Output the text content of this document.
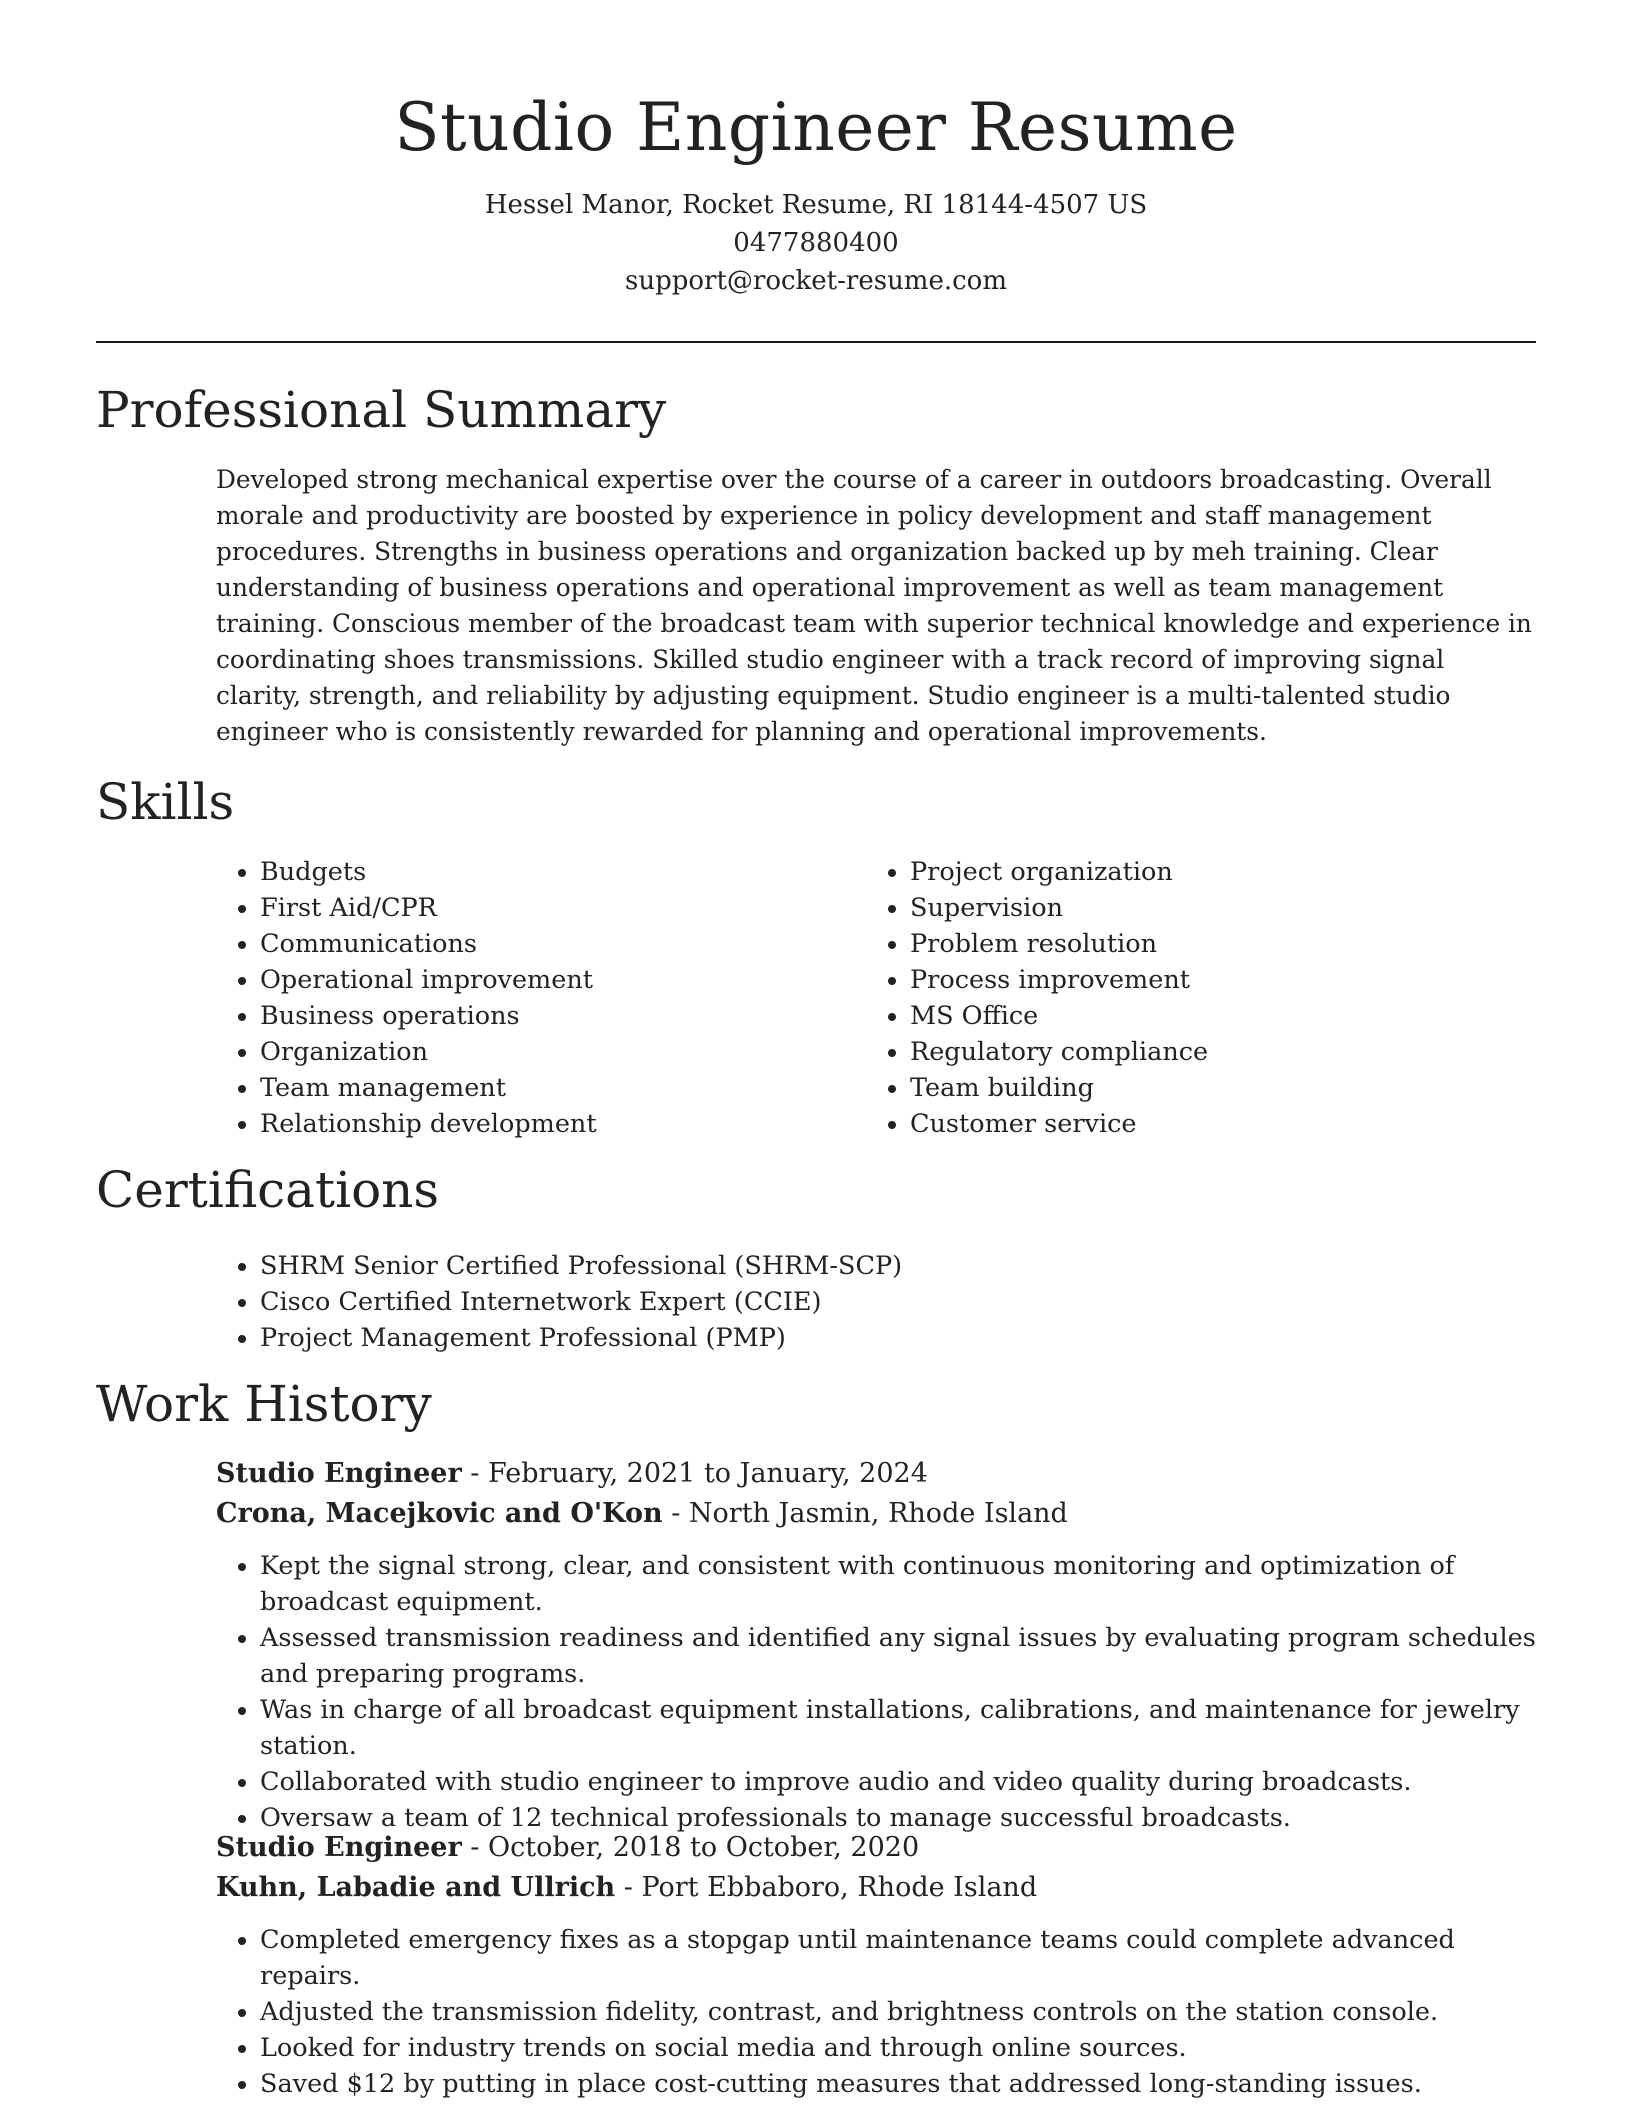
Studio Engineer Resume
Hessel Manor, Rocket Resume, RI 18144-4507 US
0477880400
support@rocket-resume.com
Professional Summary
Developed strong mechanical expertise over the course of a career in outdoors broadcasting. Overall morale and productivity are boosted by experience in policy development and staff management procedures. Strengths in business operations and organization backed up by meh training. Clear understanding of business operations and operational improvement as well as team management training. Conscious member of the broadcast team with superior technical knowledge and experience in coordinating shoes transmissions. Skilled studio engineer with a track record of improving signal clarity, strength, and reliability by adjusting equipment. Studio engineer is a multi-talented studio engineer who is consistently rewarded for planning and operational improvements.
Skills
• Budgets
• First Aid/CPR
• Communications
• Operational improvement
• Business operations
• Organization
• Team management
• Relationship development
• Project organization
• Supervision
• Problem resolution
• Process improvement
• MS Office
• Regulatory compliance
• Team building
• Customer service
Certifications
• SHRM Senior Certified Professional (SHRM-SCP)
• Cisco Certified Internetwork Expert (CCIE)
• Project Management Professional (PMP)
Work History
Studio Engineer - February, 2021 to January, 2024
Crona, Macejkovic and O'Kon - North Jasmin, Rhode Island
• Kept the signal strong, clear, and consistent with continuous monitoring and optimization of broadcast equipment.
• Assessed transmission readiness and identified any signal issues by evaluating program schedules and preparing programs.
• Was in charge of all broadcast equipment installations, calibrations, and maintenance for jewelry station.
• Collaborated with studio engineer to improve audio and video quality during broadcasts.
• Oversaw a team of 12 technical professionals to manage successful broadcasts.
Studio Engineer - October, 2018 to October, 2020
Kuhn, Labadie and Ullrich - Port Ebbaboro, Rhode Island
• Completed emergency fixes as a stopgap until maintenance teams could complete advanced repairs.
• Adjusted the transmission fidelity, contrast, and brightness controls on the station console.
• Looked for industry trends on social media and through online sources.
• Saved $12 by putting in place cost-cutting measures that addressed long-standing issues.
